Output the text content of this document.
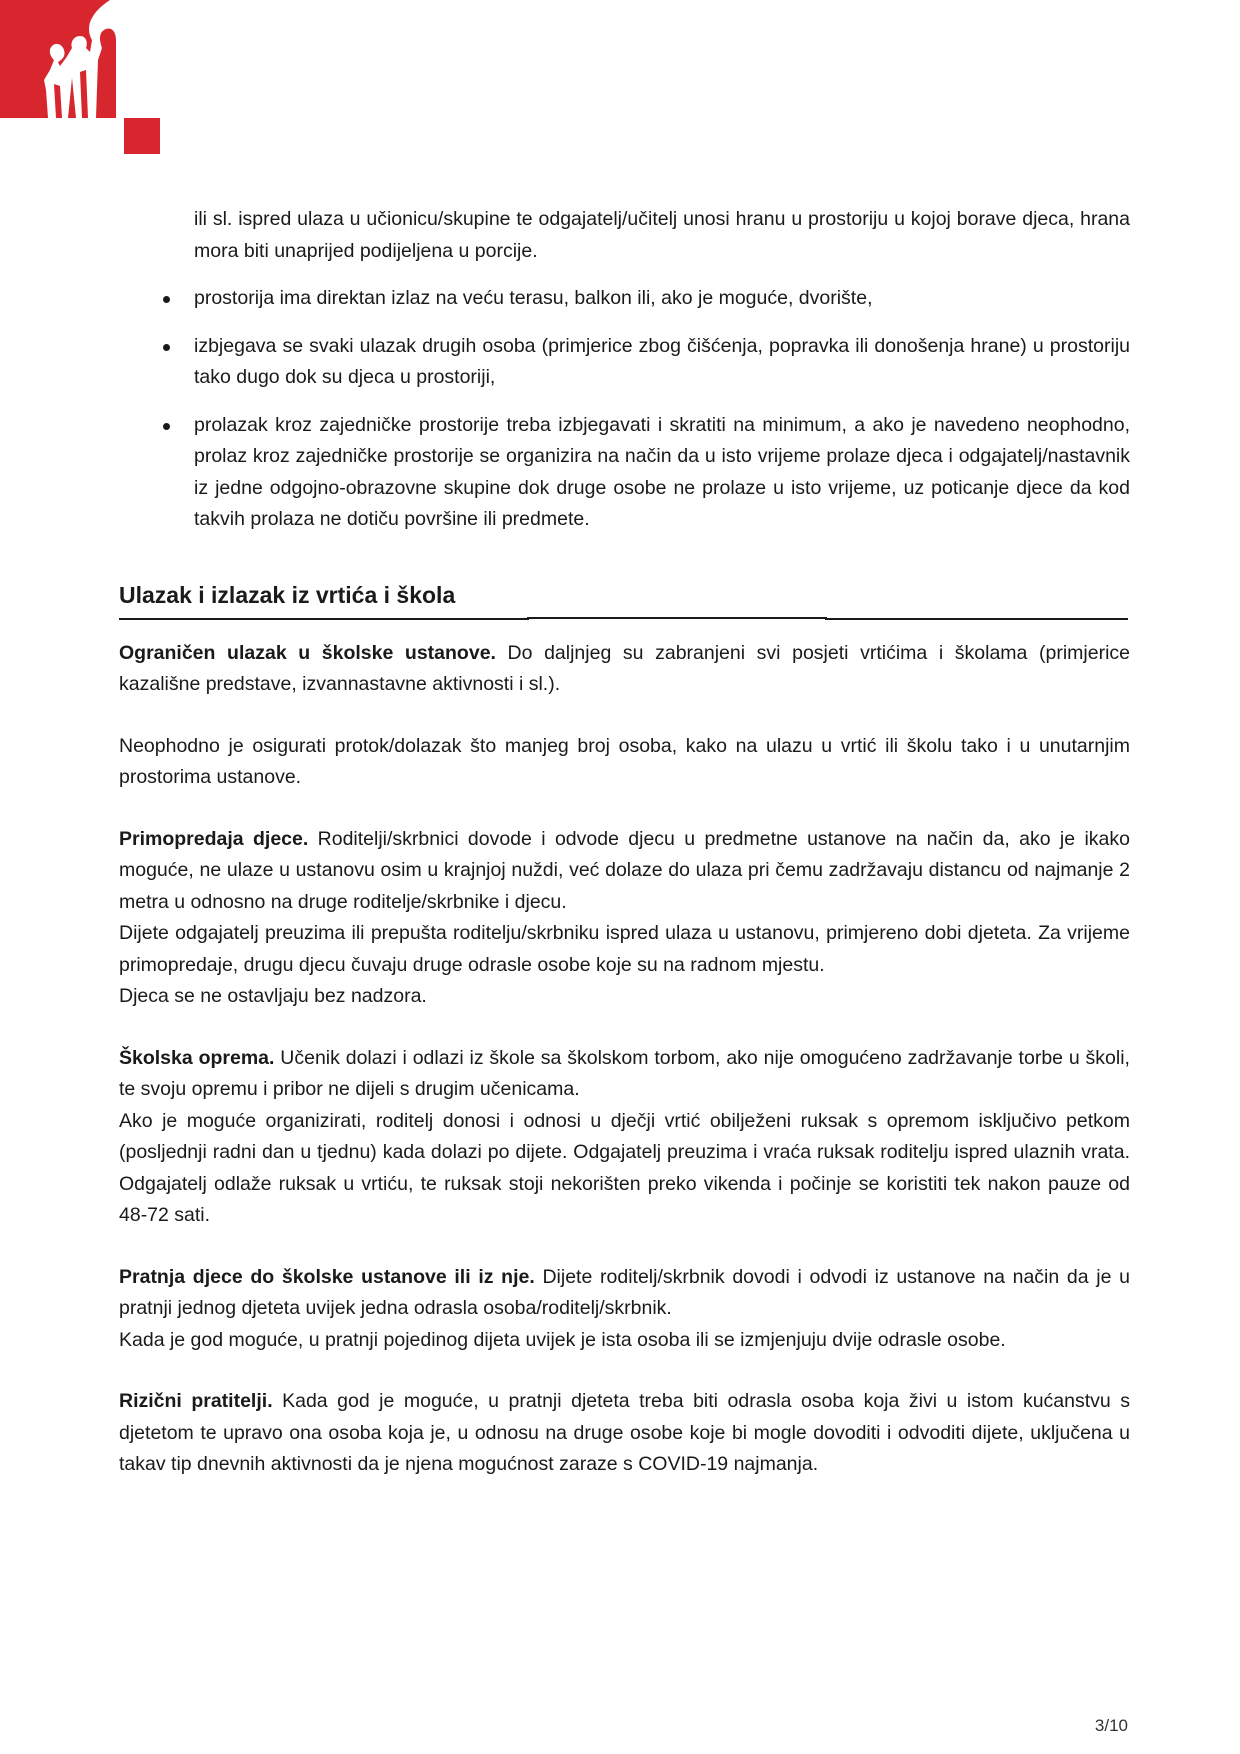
ili sl. ispred ulaza u učionicu/skupine te odgajatelj/učitelj unosi hranu u prostoriju u kojoj borave djeca, hrana mora biti unaprijed podijeljena u porcije.

prostorija ima direktan izlaz na veću terasu, balkon ili, ako je moguće, dvorište,
izbjegava se svaki ulazak drugih osoba (primjerice zbog čišćenja, popravka ili donošenja hrane) u prostoriju tako dugo dok su djeca u prostoriji,
prolazak kroz zajedničke prostorije treba izbjegavati i skratiti na minimum, a ako je navedeno neophodno, prolaz kroz zajedničke prostorije se organizira na način da u isto vrijeme prolaze djeca i odgajatelj/nastavnik iz jedne odgojno-obrazovne skupine dok druge osobe ne prolaze u isto vrijeme, uz poticanje djece da kod takvih prolaza ne dotiču površine ili predmete.

Ulazak i izlazak iz vrtića i škola

Ograničen ulazak u školske ustanove. Do daljnjeg su zabranjeni svi posjeti vrtićima i školama (primjerice kazališne predstave, izvannastavne aktivnosti i sl.).

Neophodno je osigurati protok/dolazak što manjeg broj osoba, kako na ulazu u vrtić ili školu tako i u unutarnjim prostorima ustanove.

Primopredaja djece. Roditelji/skrbnici dovode i odvode djecu u predmetne ustanove na način da, ako je ikako moguće, ne ulaze u ustanovu osim u krajnjoj nuždi, već dolaze do ulaza pri čemu zadržavaju distancu od najmanje 2 metra u odnosno na druge roditelje/skrbnike i djecu.

Dijete odgajatelj preuzima ili prepušta roditelju/skrbniku ispred ulaza u ustanovu, primjereno dobi djeteta. Za vrijeme primopredaje, drugu djecu čuvaju druge odrasle osobe koje su na radnom mjestu.

Djeca se ne ostavljaju bez nadzora.

Školska oprema. Učenik dolazi i odlazi iz škole sa školskom torbom, ako nije omogućeno zadržavanje torbe u školi, te svoju opremu i pribor ne dijeli s drugim učenicama.

Ako je moguće organizirati, roditelj donosi i odnosi u dječji vrtić obilježeni ruksak s opremom isključivo petkom (posljednji radni dan u tjednu) kada dolazi po dijete. Odgajatelj preuzima i vraća ruksak roditelju ispred ulaznih vrata. Odgajatelj odlaže ruksak u vrtiću, te ruksak stoji nekorišten preko vikenda i počinje se koristiti tek nakon pauze od 48-72 sati.

Pratnja djece do školske ustanove ili iz nje. Dijete roditelj/skrbnik dovodi i odvodi iz ustanove na način da je u pratnji jednog djeteta uvijek jedna odrasla osoba/roditelj/skrbnik.

Kada je god moguće, u pratnji pojedinog dijeta uvijek je ista osoba ili se izmjenjuju dvije odrasle osobe.

Rizični pratitelji. Kada god je moguće, u pratnji djeteta treba biti odrasla osoba koja živi u istom kućanstvu s djetetom te upravo ona osoba koja je, u odnosu na druge osobe koje bi mogle dovoditi i odvoditi dijete, uključena u takav tip dnevnih aktivnosti da je njena mogućnost zaraze s COVID-19 najmanja.

3/10
